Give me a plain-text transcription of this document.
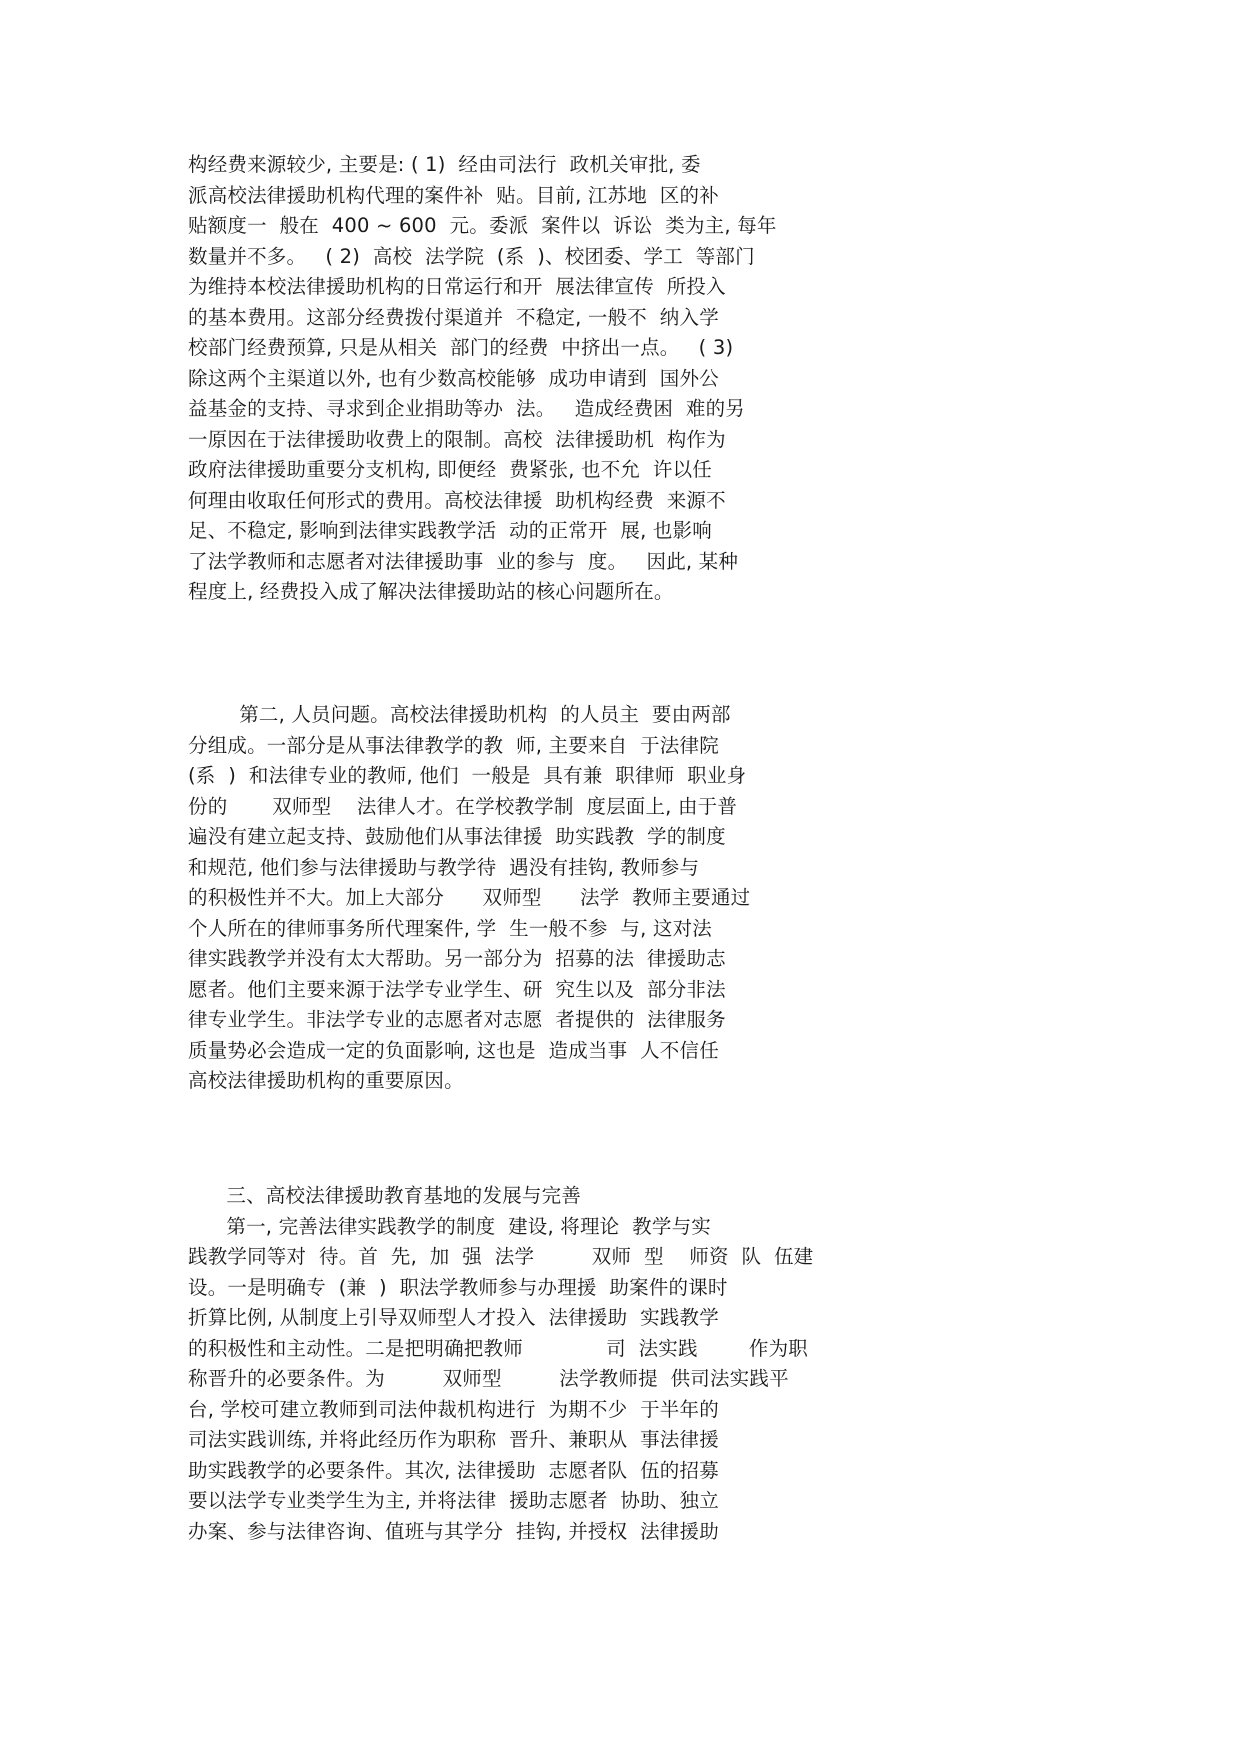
构经费来源较少, 主要是: ( 1)  经由司法行  政机关审批, 委
派高校法律援助机构代理的案件补  贴。目前, 江苏地  区的补
贴额度一  般在  400 ~ 600  元。委派  案件以  诉讼  类为主, 每年
数量并不多。   ( 2)  高校  法学院  (系  )、校团委、学工  等部门
为维持本校法律援助机构的日常运行和开  展法律宣传  所投入
的基本费用。这部分经费拨付渠道并  不稳定, 一般不  纳入学
校部门经费预算, 只是从相关  部门的经费  中挤出一点。   ( 3)
除这两个主渠道以外, 也有少数高校能够  成功申请到  国外公
益基金的支持、寻求到企业捐助等办  法。   造成经费困  难的另
一原因在于法律援助收费上的限制。高校  法律援助机  构作为
政府法律援助重要分支机构, 即便经  费紧张, 也不允  许以任
何理由收取任何形式的费用。高校法律援  助机构经费  来源不
足、不稳定, 影响到法律实践教学活  动的正常开  展, 也影响
了法学教师和志愿者对法律援助事  业的参与  度。   因此, 某种
程度上, 经费投入成了解决法律援助站的核心问题所在。
第二, 人员问题。高校法律援助机构  的人员主  要由两部
分组成。一部分是从事法律教学的教  师, 主要来自  于法律院
(系  )  和法律专业的教师, 他们  一般是  具有兼  职律师  职业身
份的       双师型    法律人才。在学校教学制  度层面上, 由于普
遍没有建立起支持、鼓励他们从事法律援  助实践教  学的制度
和规范, 他们参与法律援助与教学待  遇没有挂钩, 教师参与
的积极性并不大。加上大部分      双师型      法学  教师主要通过
个人所在的律师事务所代理案件, 学  生一般不参  与, 这对法
律实践教学并没有太大帮助。另一部分为  招募的法  律援助志
愿者。他们主要来源于法学专业学生、研  究生以及  部分非法
律专业学生。非法学专业的志愿者对志愿  者提供的  法律服务
质量势必会造成一定的负面影响, 这也是  造成当事  人不信任
高校法律援助机构的重要原因。
三、高校法律援助教育基地的发展与完善
第一, 完善法律实践教学的制度  建设, 将理论  教学与实
践教学同等对  待。首  先,  加  强  法学         双师  型    师资  队  伍建
设。一是明确专  (兼  )  职法学教师参与办理援  助案件的课时
折算比例, 从制度上引导双师型人才投入  法律援助  实践教学
的积极性和主动性。二是把明确把教师             司  法实践        作为职
称晋升的必要条件。为         双师型         法学教师提  供司法实践平
台, 学校可建立教师到司法仲裁机构进行  为期不少  于半年的
司法实践训练, 并将此经历作为职称  晋升、兼职从  事法律援
助实践教学的必要条件。其次, 法律援助  志愿者队  伍的招募
要以法学专业类学生为主, 并将法律  援助志愿者  协助、独立
办案、参与法律咨询、值班与其学分  挂钩, 并授权  法律援助
